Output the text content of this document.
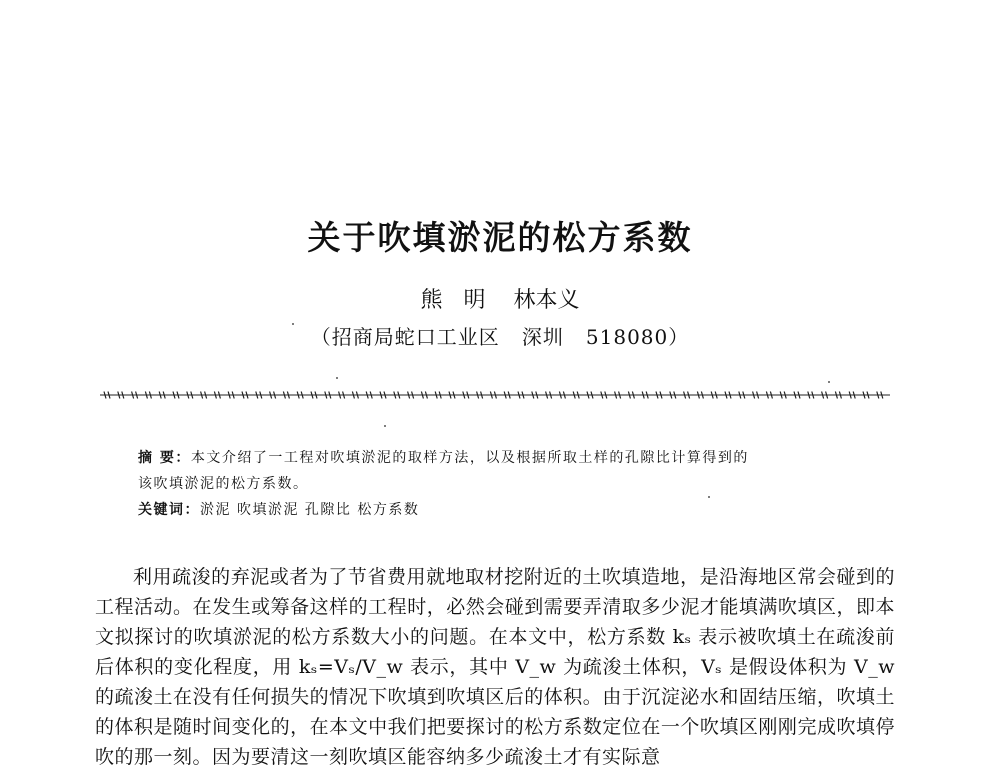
关于吹填淤泥的松方系数
熊   明    林本义
（招商局蛇口工业区   深圳   518080）

摘 要：本文介绍了一工程对吹填淤泥的取样方法，以及根据所取土样的孔隙比计算得到的

该吹填淤泥的松方系数。

关键词：淤泥 吹填淤泥 孔隙比 松方系数

利用疏浚的弃泥或者为了节省费用就地取材挖附近的土吹填造地，是沿海地区常会碰到的工程活动。在发生或筹备这样的工程时，必然会碰到需要弄清取多少泥才能填满吹填区，即本文拟探讨的吹填淤泥的松方系数大小的问题。在本文中，松方系数 kₛ 表示被吹填土在疏浚前后体积的变化程度，用 kₛ=Vₛ/V_w 表示，其中 V_w 为疏浚土体积，Vₛ 是假设体积为 V_w 的疏浚土在没有任何损失的情况下吹填到吹填区后的体积。由于沉淀泌水和固结压缩，吹填土的体积是随时间变化的，在本文中我们把要探讨的松方系数定位在一个吹填区刚刚完成吹填停吹的那一刻。因为要清这一刻吹填区能容纳多少疏浚土才有实际意
